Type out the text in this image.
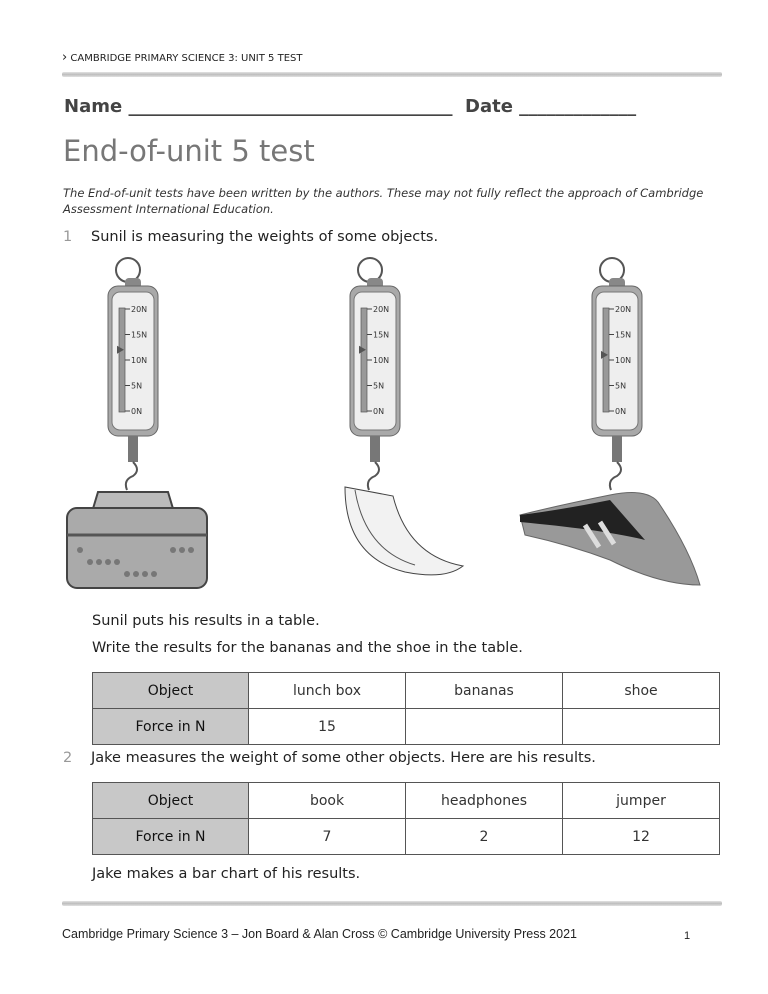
› CAMBRIDGE PRIMARY SCIENCE 3: UNIT 5 TEST
Name ____________________________________ Date _____________
End-of-unit 5 test
The End-of-unit tests have been written by the authors. These may not fully reflect the approach of Cambridge Assessment International Education.
1 Sunil is measuring the weights of some objects.
20N
15N
10N
5N
0N
20N
15N
10N
5N
0N
20N
15N
10N
5N
0N
Sunil puts his results in a table.
Write the results for the bananas and the shoe in the table.
Object	lunch box	bananas	shoe
Force in N	15		
2 Jake measures the weight of some other objects. Here are his results.
Object	book	headphones	jumper
Force in N	7	2	12
Jake makes a bar chart of his results.
Cambridge Primary Science 3 – Jon Board & Alan Cross © Cambridge University Press 2021	1
